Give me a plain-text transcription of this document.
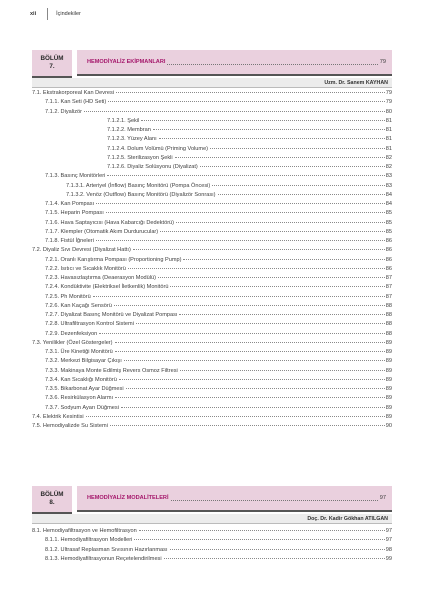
xii	İçindekiler
BÖLÜM
7.
HEMODİYALİZ EKİPMANLARI	79
Uzm. Dr. Sanem KAYHAN
7.1. Ekstrakorporeal Kan Devresi	79
7.1.1. Kan Seti (HD Seti)	79
7.1.2. Diyalizör	80
7.1.2.1. Şekil	81
7.1.2.2. Membran	81
7.1.2.3. Yüzey Alanı	81
7.1.2.4. Dolum Volümü (Priming Volume)	81
7.1.2.5. Sterilizasyon Şekli	82
7.1.2.6. Diyaliz Solüsyonu (Diyalizat)	82
7.1.3. Basınç Monitörleri	83
7.1.3.1. Arteriyel (İnflow) Basınç Monitörü (Pompa Öncesi)	83
7.1.3.2. Venöz (Outflow) Basınç Monitörü (Diyalizör Sonrası)	84
7.1.4. Kan Pompası	84
7.1.5. Heparin Pompası	85
7.1.6. Hava Saptayıcısı (Hava Kabarcığı Dedektörü)	85
7.1.7. Klempler (Otomatik Akım Durdurucular)	85
7.1.8. Fistül İğneleri	86
7.2. Diyaliz Sıvı Devresi (Diyalizat Hattı)	86
7.2.1. Oranlı Karıştırma Pompası (Proportioning Pump)	86
7.2.2. Isıtıcı ve Sıcaklık Monitörü	86
7.2.3. Havasızlaştırma (Deaerasyon Modülü)	87
7.2.4. Kondüktivite (Elektriksel İletkenlik) Monitörü	87
7.2.5. Ph Monitörü	87
7.2.6. Kan Kaçağı Sensörü	88
7.2.7. Diyalizat Basınç Monitörü ve Diyalizat Pompası	88
7.2.8. Ultrafiltrasyon Kontrol Sistemi	88
7.2.9. Dezenfeksiyon	88
7.3. Yenilikler (Özel Göstergeler)	89
7.3.1. Üre Kinetiği Monitörü	89
7.3.2. Merkezi Bilgisayar Çıkışı	89
7.3.3. Makinaya Monte Edilmiş Revers Osmoz Filtresi	89
7.3.4. Kan Sıcaklığı Monitörü	89
7.3.5. Bikarbonat Ayar Düğmesi	89
7.3.6. Resirkülasyon Alarmı	89
7.3.7. Sodyum Ayarı Düğmesi	89
7.4. Elektrik Kesintisi	89
7.5. Hemodiyalizde Su Sistemi	90
BÖLÜM
8.
HEMODİYALİZ MODALİTELERİ	97
Doç. Dr. Kadir Gökhan ATILGAN
8.1. Hemodiyafiltrasyon ve Hemofiltrasyon	97
8.1.1. Hemodiyafiltrasyon Modelleri	97
8.1.2. Ultrasaf Replasman Sıvısının Hazırlanması	98
8.1.3. Hemodiyafiltrasyonun Reçetelendirilmesi	99
